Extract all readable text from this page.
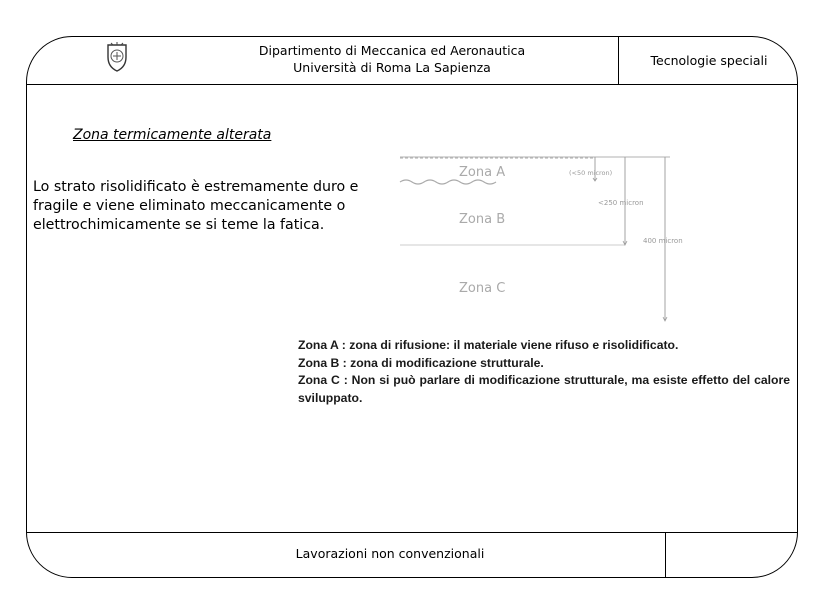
Dipartimento di Meccanica ed Aeronautica
Università di Roma La Sapienza	Tecnologie speciali
Zona termicamente alterata
Lo strato risolidificato è estremamente duro e fragile e viene eliminato meccanicamente o elettrochimicamente se si teme la fatica.
Zona A
Zona B
Zona C
(<50 micron)
<250 micron
400 micron
Zona A : zona di rifusione: il materiale viene rifuso e risolidificato.
Zona B : zona di modificazione strutturale.
Zona C : Non si può parlare di modificazione strutturale, ma esiste effetto del calore sviluppato.
Lavorazioni non convenzionali
